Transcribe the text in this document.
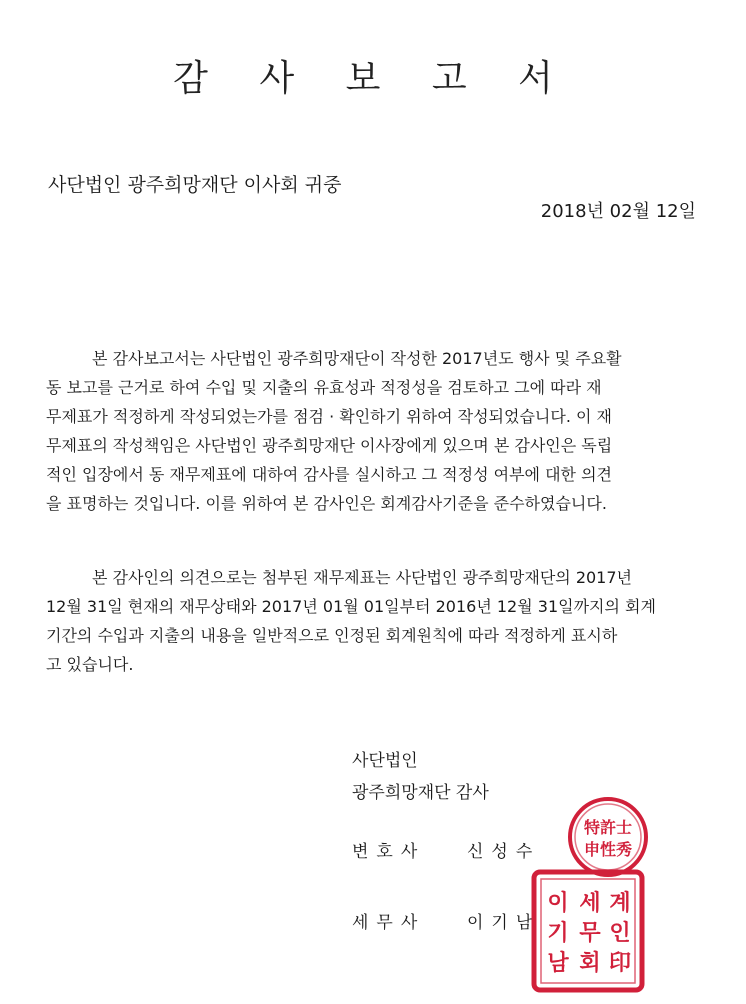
감 사 보 고 서
사단법인 광주희망재단 이사회 귀중
2018년 02월 12일

본 감사보고서는 사단법인 광주희망재단이 작성한 2017년도 행사 및 주요활
동 보고를 근거로 하여 수입 및 지출의 유효성과 적정성을 검토하고 그에 따라 재
무제표가 적정하게 작성되었는가를 점검 · 확인하기 위하여 작성되었습니다. 이 재
무제표의 작성책임은 사단법인 광주희망재단 이사장에게 있으며 본 감사인은 독립
적인 입장에서 동 재무제표에 대하여 감사를 실시하고 그 적정성 여부에 대한 의견
을 표명하는 것입니다. 이를 위하여 본 감사인은 회계감사기준을 준수하였습니다.

본 감사인의 의견으로는 첨부된 재무제표는 사단법인 광주희망재단의 2017년
12월 31일 현재의 재무상태와 2017년 01월 01일부터 2016년 12월 31일까지의 회계
기간의 수입과 지출의 내용을 일반적으로 인정된 회계원칙에 따라 적정하게 표시하
고 있습니다.

사단법인
광주희망재단 감사
변호사 신성수
세무사 이기남
特許士
申性秀
이
기
남
세
무
회
계
인
印
